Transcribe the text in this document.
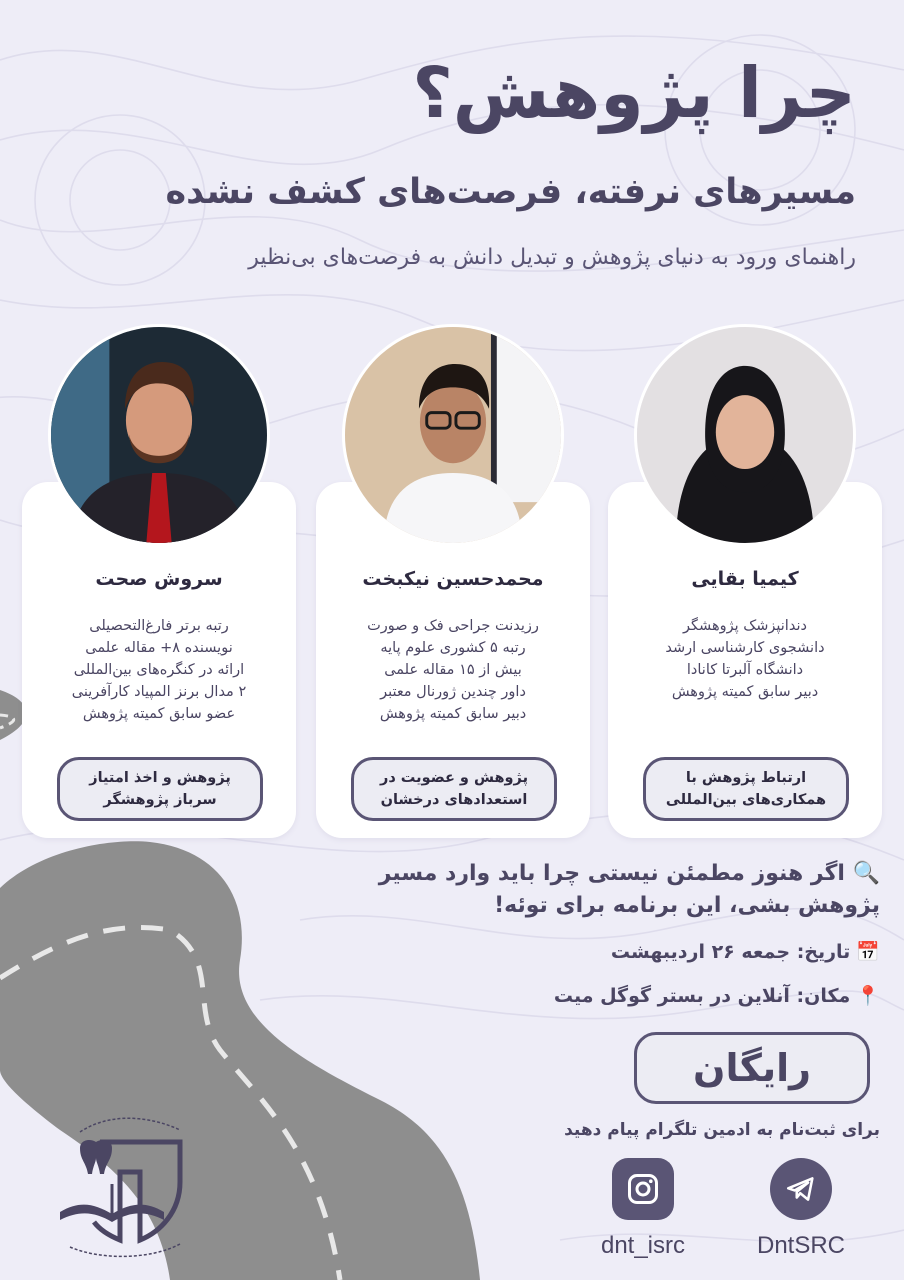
چرا پژوهش؟
مسیرهای نرفته، فرصت‌های کشف نشده
راهنمای ورود به دنیای پژوهش و تبدیل دانش به فرصت‌های بی‌نظیر
کیمیا بقایی
دندانپزشک پژوهشگر
دانشجوی کارشناسی ارشد
دانشگاه آلبرتا کانادا
دبیر سابق کمیته پژوهش
ارتباط پژوهش با همکاری‌های بین‌المللی
محمدحسین نیکبخت
رزیدنت جراحی فک و صورت
رتبه ۵ کشوری علوم پایه
بیش از ۱۵ مقاله علمی
داور چندین ژورنال معتبر
دبیر سابق کمیته پژوهش
پژوهش و عضویت در استعدادهای درخشان
سروش صحت
رتبه برتر فارغ‌التحصیلی
نویسنده ۸+ مقاله علمی
ارائه در کنگره‌های بین‌المللی
۲ مدال برنز المپیاد کارآفرینی
عضو سابق کمیته پژوهش
پژوهش و اخذ امتیاز سرباز پژوهشگر
🔍 اگر هنوز مطمئن نیستی چرا باید وارد مسیر پژوهش بشی، این برنامه برای توئه!
📅
تاریخ: جمعه ۲۶ اردیبهشت
📍
مکان: آنلاین در بستر گوگل میت
رایگان
برای ثبت‌نام به ادمین تلگرام پیام دهید
DntSRC
dnt_isrc
